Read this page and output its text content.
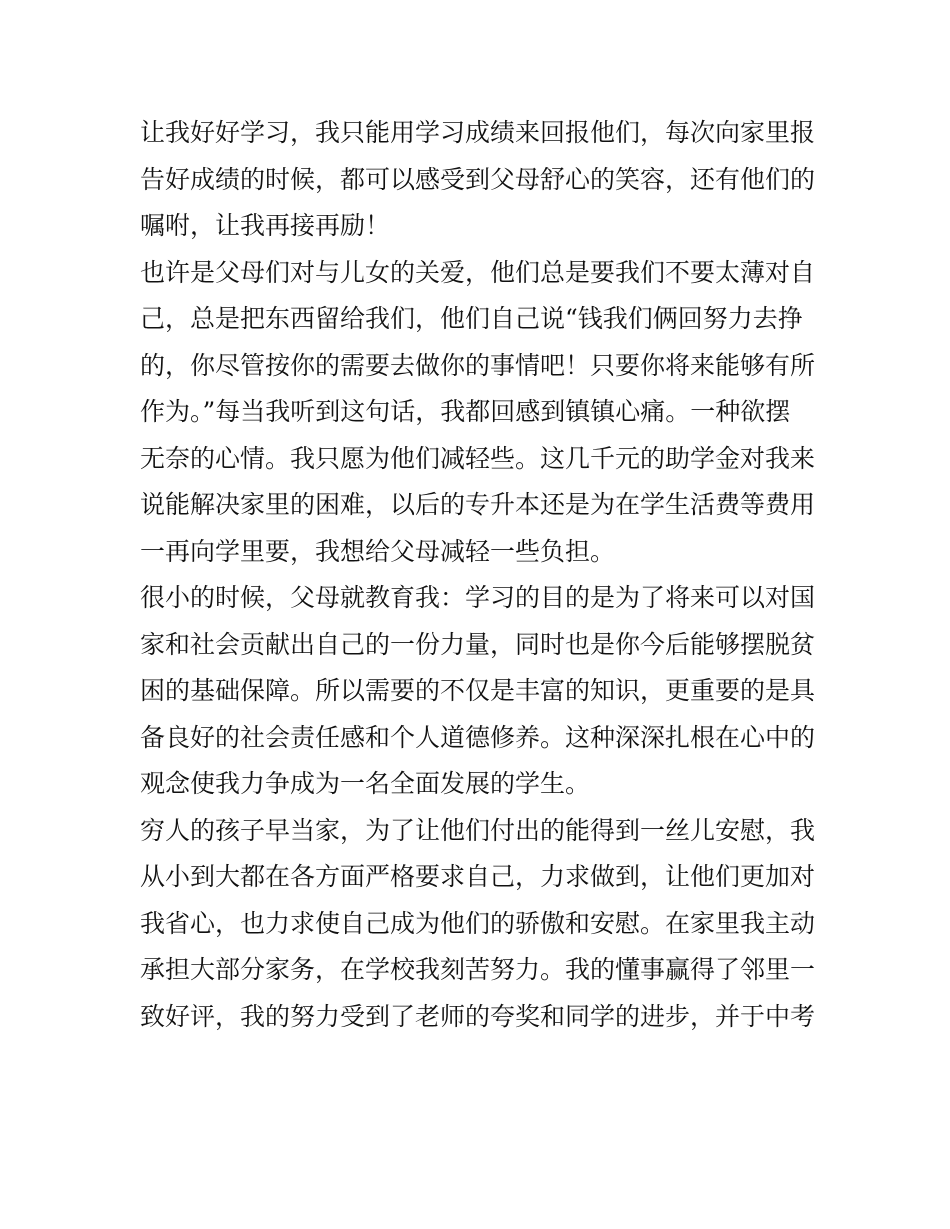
让我好好学习，我只能用学习成绩来回报他们，每次向家里报
告好成绩的时候，都可以感受到父母舒心的笑容，还有他们的
嘱咐，让我再接再励！
也许是父母们对与儿女的关爱，他们总是要我们不要太薄对自
己，总是把东西留给我们，他们自己说“钱我们俩回努力去挣
的，你尽管按你的需要去做你的事情吧！只要你将来能够有所
作为。”每当我听到这句话，我都回感到镇镇心痛。一种欲摆
无奈的心情。我只愿为他们减轻些。这几千元的助学金对我来
说能解决家里的困难，以后的专升本还是为在学生活费等费用
一再向学里要，我想给父母减轻一些负担。
很小的时候，父母就教育我：学习的目的是为了将来可以对国
家和社会贡献出自己的一份力量，同时也是你今后能够摆脱贫
困的基础保障。所以需要的不仅是丰富的知识，更重要的是具
备良好的社会责任感和个人道德修养。这种深深扎根在心中的
观念使我力争成为一名全面发展的学生。
穷人的孩子早当家，为了让他们付出的能得到一丝儿安慰，我
从小到大都在各方面严格要求自己，力求做到，让他们更加对
我省心，也力求使自己成为他们的骄傲和安慰。在家里我主动
承担大部分家务，在学校我刻苦努力。我的懂事赢得了邻里一
致好评，我的努力受到了老师的夸奖和同学的进步，并于中考
